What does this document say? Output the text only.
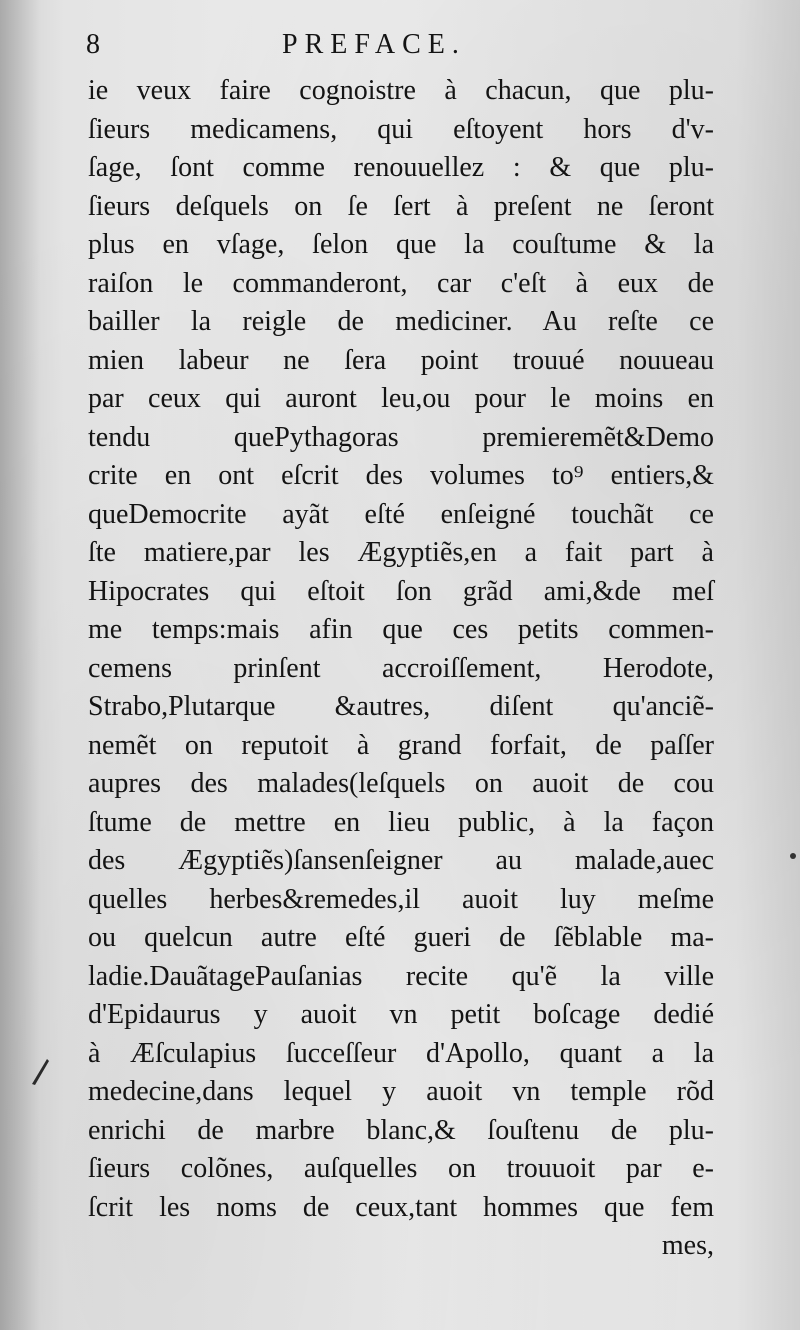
8	PREFACE.
ie veux faire cognoistre à chacun, que plu-
ſieurs medicamens, qui eſtoyent hors d'v-
ſage, ſont comme renouuellez : & que plu-
ſieurs deſquels on ſe ſert à preſent ne ſeront
plus en vſage, ſelon que la couſtume & la
raiſon le commanderont, car c'eſt à eux de
bailler la reigle de mediciner. Au reſte ce
mien labeur ne ſera point trouué nouueau
par ceux qui auront leu,ou pour le moins en
tendu quePythagoras premieremẽt&Demo
crite en ont eſcrit des volumes to⁹ entiers,&
queDemocrite ayãt eſté enſeigné touchãt ce
ſte matiere,par les Ægyptiẽs,en a fait part à
Hipocrates qui eſtoit ſon grãd ami,&de meſ
me temps:mais afin que ces petits commen-
cemens prinſent accroiſſement, Herodote,
Strabo,Plutarque &autres, diſent qu'anciẽ-
nemẽt on reputoit à grand forfait, de paſſer
aupres des malades(leſquels on auoit de cou
ſtume de mettre en lieu public, à la façon
des Ægyptiẽs)ſansenſeigner au malade,auec
quelles herbes&remedes,il auoit luy meſme
ou quelcun autre eſté gueri de ſẽblable ma-
ladie.DauãtagePauſanias recite qu'ẽ la ville
d'Epidaurus y auoit vn petit boſcage dedié
à Æſculapius ſucceſſeur d'Apollo, quant a la
medecine,dans lequel y auoit vn temple rõd
enrichi de marbre blanc,& ſouſtenu de plu-
ſieurs colõnes, auſquelles on trouuoit par e-
ſcrit les noms de ceux,tant hommes que fem
mes,
